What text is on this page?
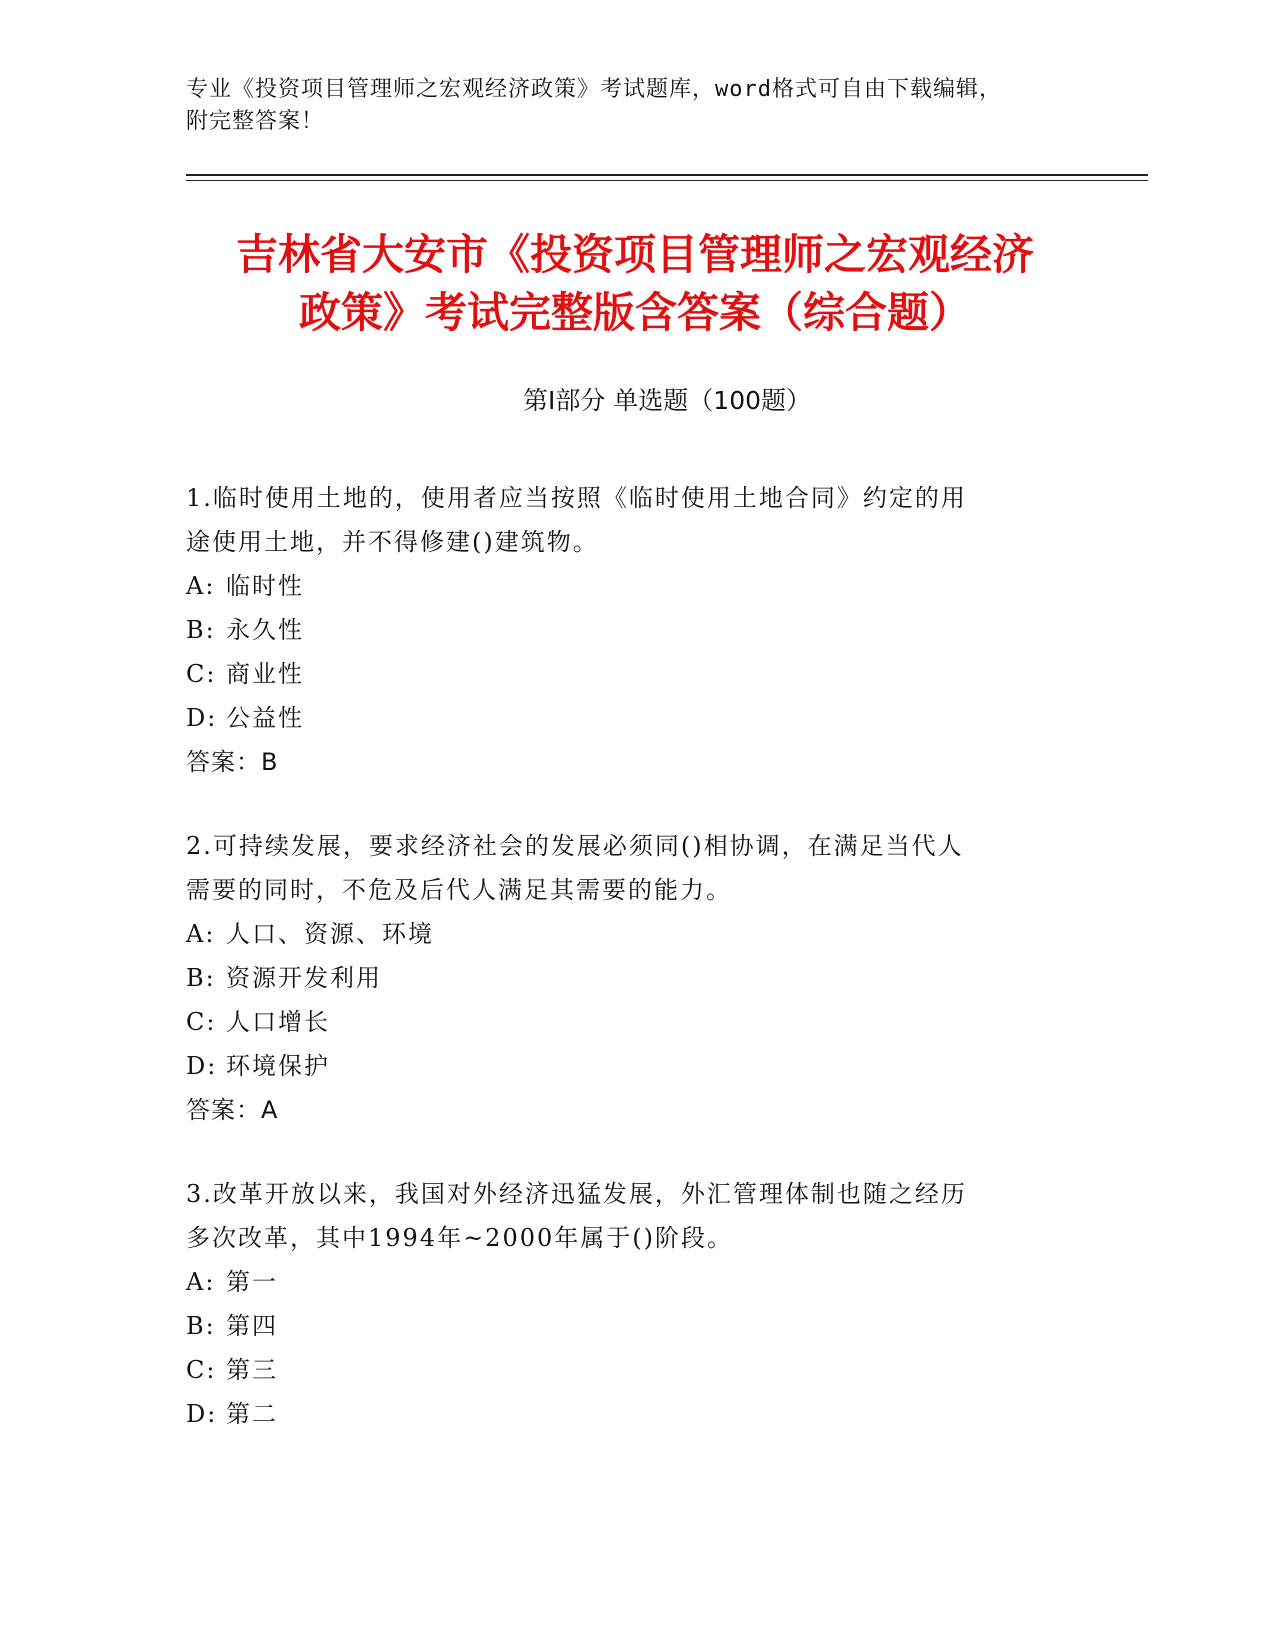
专业《投资项目管理师之宏观经济政策》考试题库，word格式可自由下载编辑，
附完整答案！
吉林省大安市《投资项目管理师之宏观经济
政策》考试完整版含答案（综合题）
第Ⅰ部分 单选题（100题）
1.临时使用土地的，使用者应当按照《临时使用土地合同》约定的用
途使用土地，并不得修建()建筑物。
A: 临时性
B: 永久性
C: 商业性
D: 公益性
答案：B
2.可持续发展，要求经济社会的发展必须同()相协调，在满足当代人
需要的同时，不危及后代人满足其需要的能力。
A: 人口、资源、环境
B: 资源开发利用
C: 人口增长
D: 环境保护
答案：A
3.改革开放以来，我国对外经济迅猛发展，外汇管理体制也随之经历
多次改革，其中1994年~2000年属于()阶段。
A: 第一
B: 第四
C: 第三
D: 第二
